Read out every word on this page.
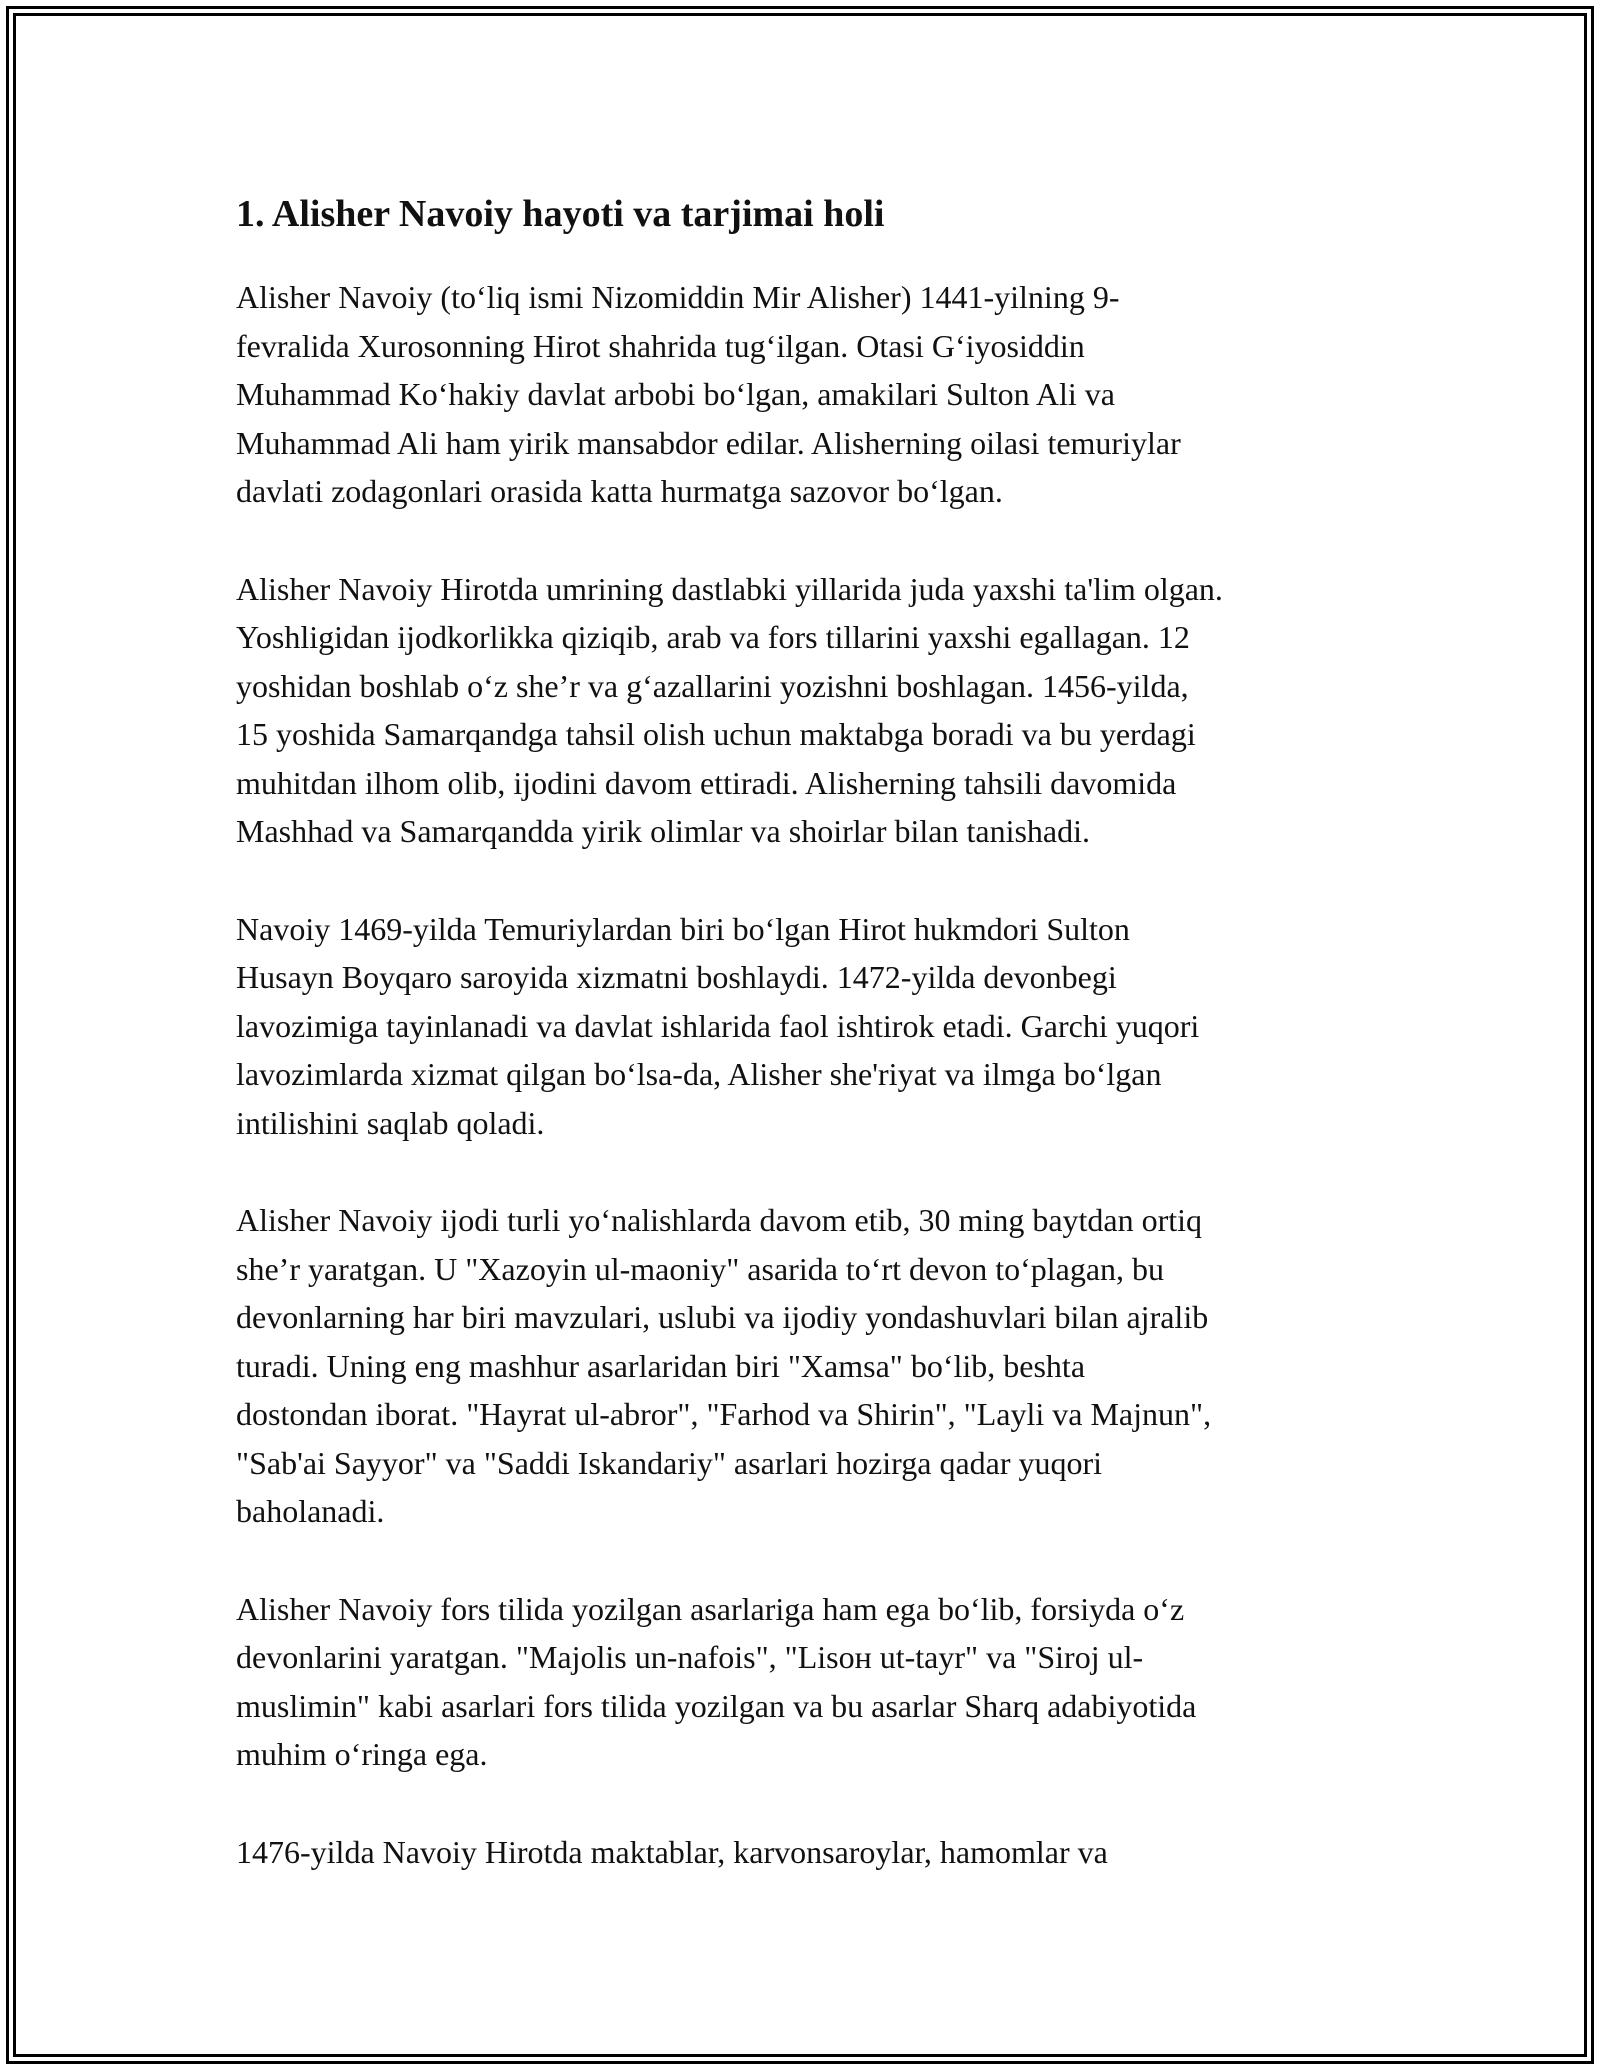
1. Alisher Navoiy hayoti va tarjimai holi

Alisher Navoiy (to‘liq ismi Nizomiddin Mir Alisher) 1441-yilning 9-
fevralida Xurosonning Hirot shahrida tug‘ilgan. Otasi G‘iyosiddin
Muhammad Ko‘hakiy davlat arbobi bo‘lgan, amakilari Sulton Ali va
Muhammad Ali ham yirik mansabdor edilar. Alisherning oilasi temuriylar
davlati zodagonlari orasida katta hurmatga sazovor bo‘lgan.

Alisher Navoiy Hirotda umrining dastlabki yillarida juda yaxshi ta'lim olgan.
Yoshligidan ijodkorlikka qiziqib, arab va fors tillarini yaxshi egallagan. 12
yoshidan boshlab o‘z she’r va g‘azallarini yozishni boshlagan. 1456-yilda,
15 yoshida Samarqandga tahsil olish uchun maktabga boradi va bu yerdagi
muhitdan ilhom olib, ijodini davom ettiradi. Alisherning tahsili davomida
Mashhad va Samarqandda yirik olimlar va shoirlar bilan tanishadi.

Navoiy 1469-yilda Temuriylardan biri bo‘lgan Hirot hukmdori Sulton
Husayn Boyqaro saroyida xizmatni boshlaydi. 1472-yilda devonbegi
lavozimiga tayinlanadi va davlat ishlarida faol ishtirok etadi. Garchi yuqori
lavozimlarda xizmat qilgan bo‘lsa-da, Alisher she'riyat va ilmga bo‘lgan
intilishini saqlab qoladi.

Alisher Navoiy ijodi turli yo‘nalishlarda davom etib, 30 ming baytdan ortiq
she’r yaratgan. U "Xazoyin ul-maoniy" asarida to‘rt devon to‘plagan, bu
devonlarning har biri mavzulari, uslubi va ijodiy yondashuvlari bilan ajralib
turadi. Uning eng mashhur asarlaridan biri "Xamsa" bo‘lib, beshta
dostondan iborat. "Hayrat ul-abror", "Farhod va Shirin", "Layli va Majnun",
"Sab'ai Sayyor" va "Saddi Iskandariy" asarlari hozirga qadar yuqori
baholanadi.

Alisher Navoiy fors tilida yozilgan asarlariga ham ega bo‘lib, forsiyda o‘z
devonlarini yaratgan. "Majolis un-nafois", "Lisoн ut-tayr" va "Siroj ul-
muslimin" kabi asarlari fors tilida yozilgan va bu asarlar Sharq adabiyotida
muhim o‘ringa ega.

1476-yilda Navoiy Hirotda maktablar, karvonsaroylar, hamomlar va
